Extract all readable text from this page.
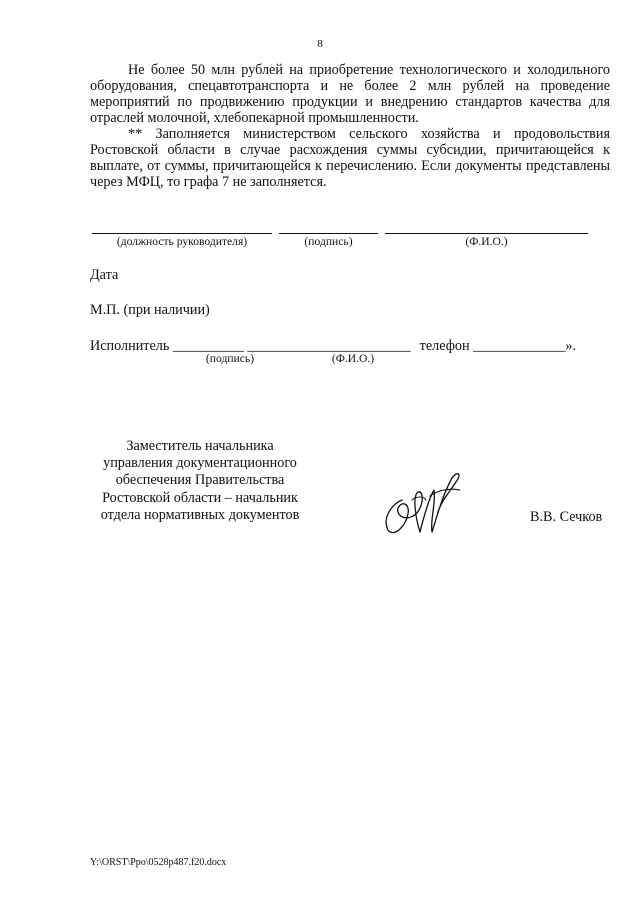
8
Не более 50 млн рублей на приобретение технологического и холодильного оборудования, спецавтотранспорта и не более 2 млн рублей на проведение мероприятий по продвижению продукции и внедрению стандартов качества для отраслей молочной, хлебопекарной промышленности.
** Заполняется министерством сельского хозяйства и продовольствия Ростовской области в случае расхождения суммы субсидии, причитающейся к выплате, от суммы, причитающейся к перечислению. Если документы представлены через МФЦ, то графа 7 не заполняется.
(должность руководителя)	(подпись)	(Ф.И.О.)
Дата
М.П. (при наличии)
Исполнитель __________ _______________________ телефон _____________».
(подпись)	(Ф.И.О.)
Заместитель начальника
управления документационного
обеспечения Правительства
Ростовской области – начальник
отдела нормативных документов	В.В. Сечков
Y:\ORST\Ppo\0528p487.f20.docx
